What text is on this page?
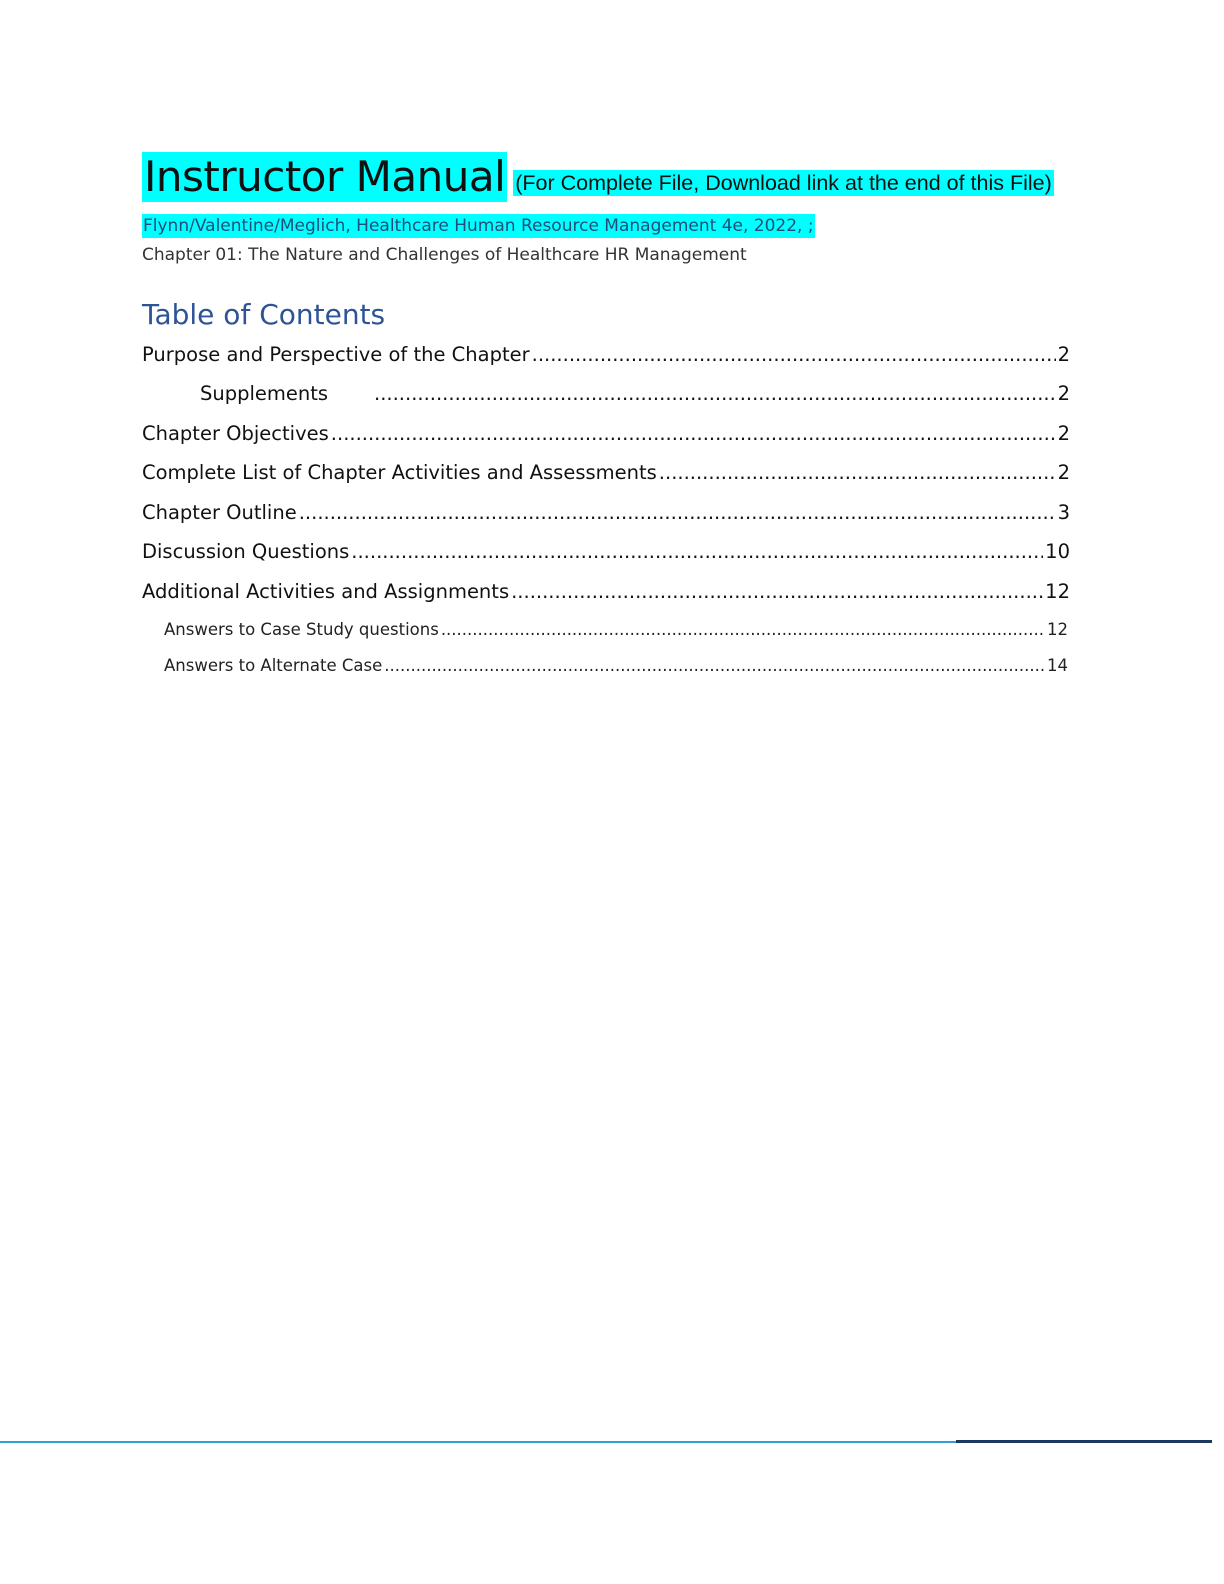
Instructor Manual (For Complete File, Download link at the end of this File)
Flynn/Valentine/Meglich, Healthcare Human Resource Management 4e, 2022, ;
Chapter 01: The Nature and Challenges of Healthcare HR Management
Table of Contents
Purpose and Perspective of the Chapter .....	2
Supplements .....	2
Chapter Objectives .....	2
Complete List of Chapter Activities and Assessments .....	2
Chapter Outline .....	3
Discussion Questions .....	10
Additional Activities and Assignments .....	12
Answers to Case Study questions .....	12
Answers to Alternate Case .....	14
